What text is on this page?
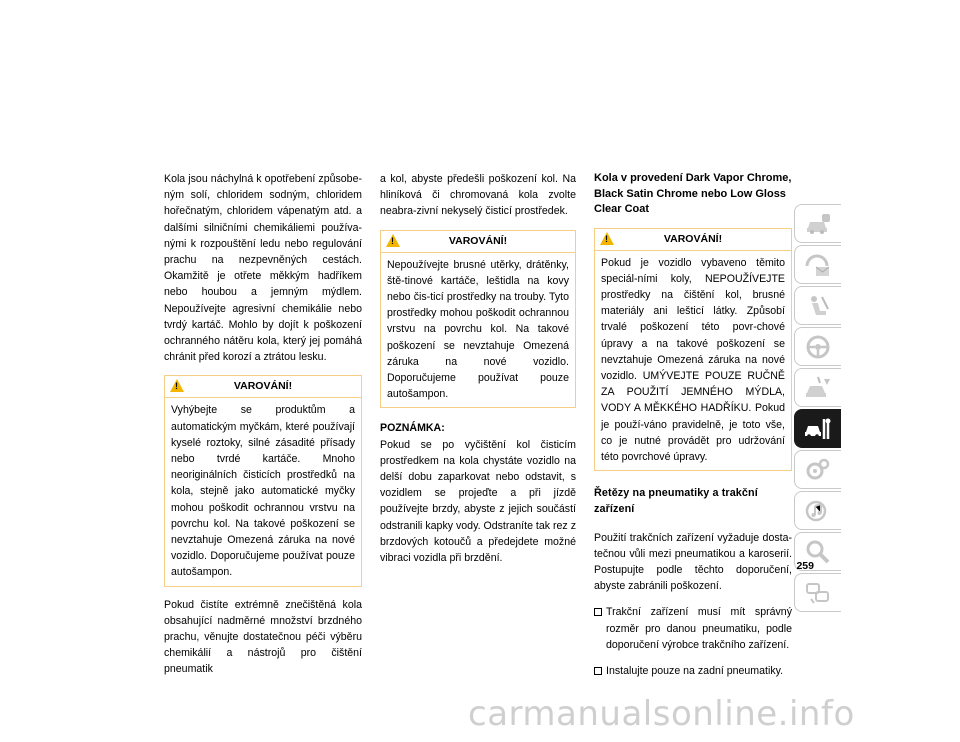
Kola jsou náchylná k opotřebení způsobe-ným solí, chloridem sodným, chloridem hořečnatým, chloridem vápenatým atd. a dalšími silničními chemikáliemi používa-nými k rozpouštění ledu nebo regulování prachu na nezpevněných cestách. Okamžitě je otřete měkkým hadříkem nebo houbou a jemným mýdlem. Nepoužívejte agresivní chemikálie nebo tvrdý kartáč. Mohlo by dojít k poškození ochranného nátěru kola, který jej pomáhá chránit před korozí a ztrátou lesku.

!
VAROVÁNÍ!
Vyhýbejte se produktům a automatickým myčkám, které používají kyselé roztoky, silné zásadité přísady nebo tvrdé kartáče. Mnoho neoriginálních čisticích prostředků na kola, stejně jako automatické myčky mohou poškodit ochrannou vrstvu na povrchu kol. Na takové poškození se nevztahuje Omezená záruka na nové vozidlo. Doporučujeme používat pouze autošampon.

Pokud čistíte extrémně znečištěná kola obsahující nadměrné množství brzdného prachu, věnujte dostatečnou péči výběru chemikálií a nástrojů pro čištění pneumatik

a kol, abyste předešli poškození kol. Na hliníková či chromovaná kola zvolte neabra-zivní nekyselý čisticí prostředek.

!
VAROVÁNÍ!
Nepoužívejte brusné utěrky, drátěnky, ště-tinové kartáče, leštidla na kovy nebo čis-ticí prostředky na trouby. Tyto prostředky mohou poškodit ochrannou vrstvu na povrchu kol. Na takové poškození se nevztahuje Omezená záruka na nové vozidlo. Doporučujeme používat pouze autošampon.
POZNÁMKA:

Pokud se po vyčištění kol čisticím prostředkem na kola chystáte vozidlo na delší dobu zaparkovat nebo odstavit, s vozidlem se projeďte a při jízdě používejte brzdy, abyste z jejich součástí odstranili kapky vody. Odstraníte tak rez z brzdových kotoučů a předejdete možné vibraci vozidla při brzdění.

Kola v provedení Dark Vapor Chrome, Black Satin Chrome nebo Low Gloss Clear Coat

!
VAROVÁNÍ!
Pokud je vozidlo vybaveno těmito speciál-ními koly, NEPOUŽÍVEJTE prostředky na čištění kol, brusné materiály ani lešticí látky. Způsobí trvalé poškození této povr-chové úpravy a na takové poškození se nevztahuje Omezená záruka na nové vozidlo. UMÝVEJTE POUZE RUČNĚ ZA POUŽITÍ JEMNÉHO MÝDLA, VODY A MĚKKÉHO HADŘÍKU. Pokud je použí-váno pravidelně, je toto vše, co je nutné provádět pro udržování této povrchové úpravy.
Řetězy na pneumatiky a trakční zařízení

Použití trakčních zařízení vyžaduje dosta-tečnou vůli mezi pneumatikou a karoserií. Postupujte podle těchto doporučení, abyste zabránili poškození.

Trakční zařízení musí mít správný rozměr pro danou pneumatiku, podle doporučení výrobce trakčního zařízení.
Instalujte pouze na zadní pneumatiky.
259
carmanualsonline.info
